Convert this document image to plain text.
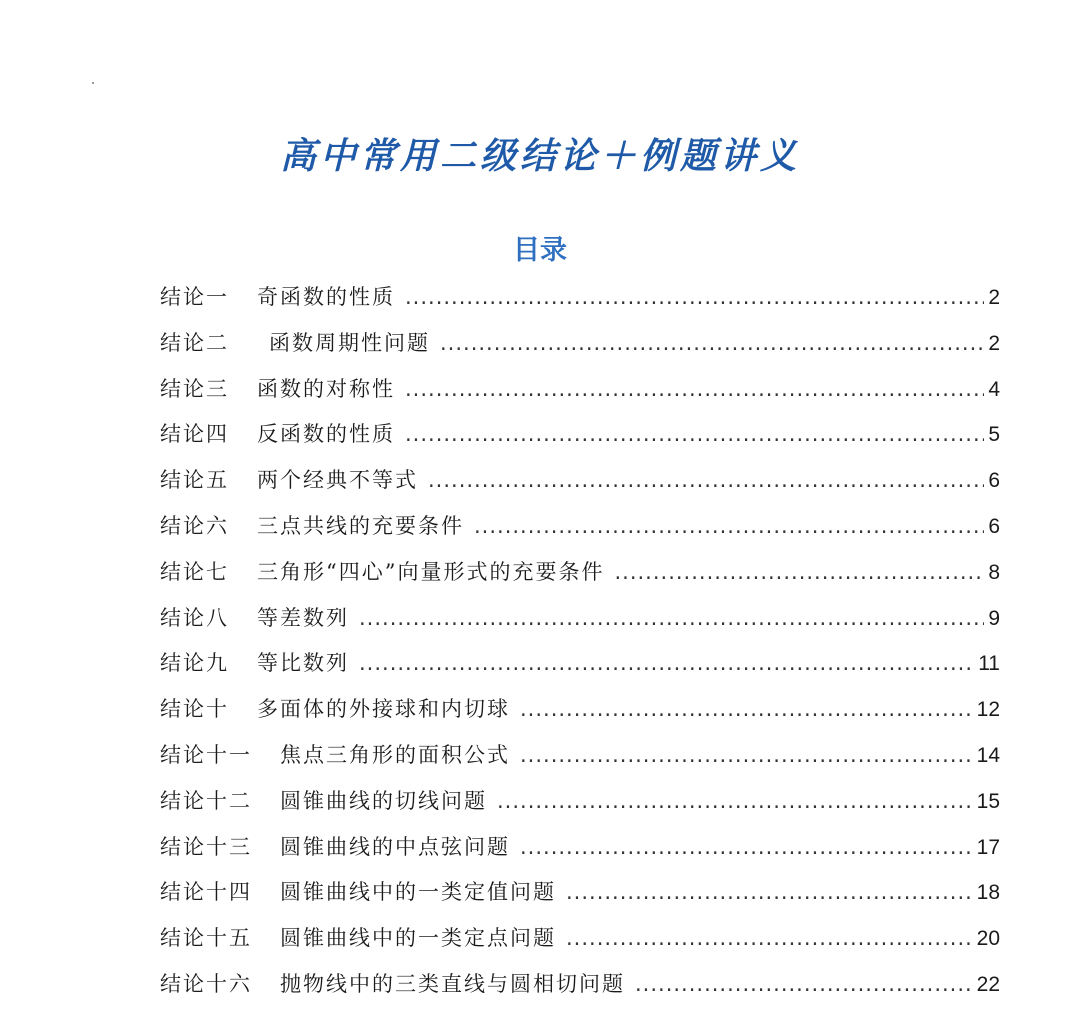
高中常用二级结论＋例题讲义
目录
结论一	奇函数的性质 .....	2
结论二	函数周期性问题 .....	2
结论三	函数的对称性 .....	4
结论四	反函数的性质 .....	5
结论五	两个经典不等式 .....	6
结论六	三点共线的充要条件 .....	6
结论七	三角形“四心”向量形式的充要条件 .....	8
结论八	等差数列 .....	9
结论九	等比数列 .....	11
结论十	多面体的外接球和内切球 .....	12
结论十一	焦点三角形的面积公式 .....	14
结论十二	圆锥曲线的切线问题 .....	15
结论十三	圆锥曲线的中点弦问题 .....	17
结论十四	圆锥曲线中的一类定值问题 .....	18
结论十五	圆锥曲线中的一类定点问题 .....	20
结论十六	抛物线中的三类直线与圆相切问题 .....	22
